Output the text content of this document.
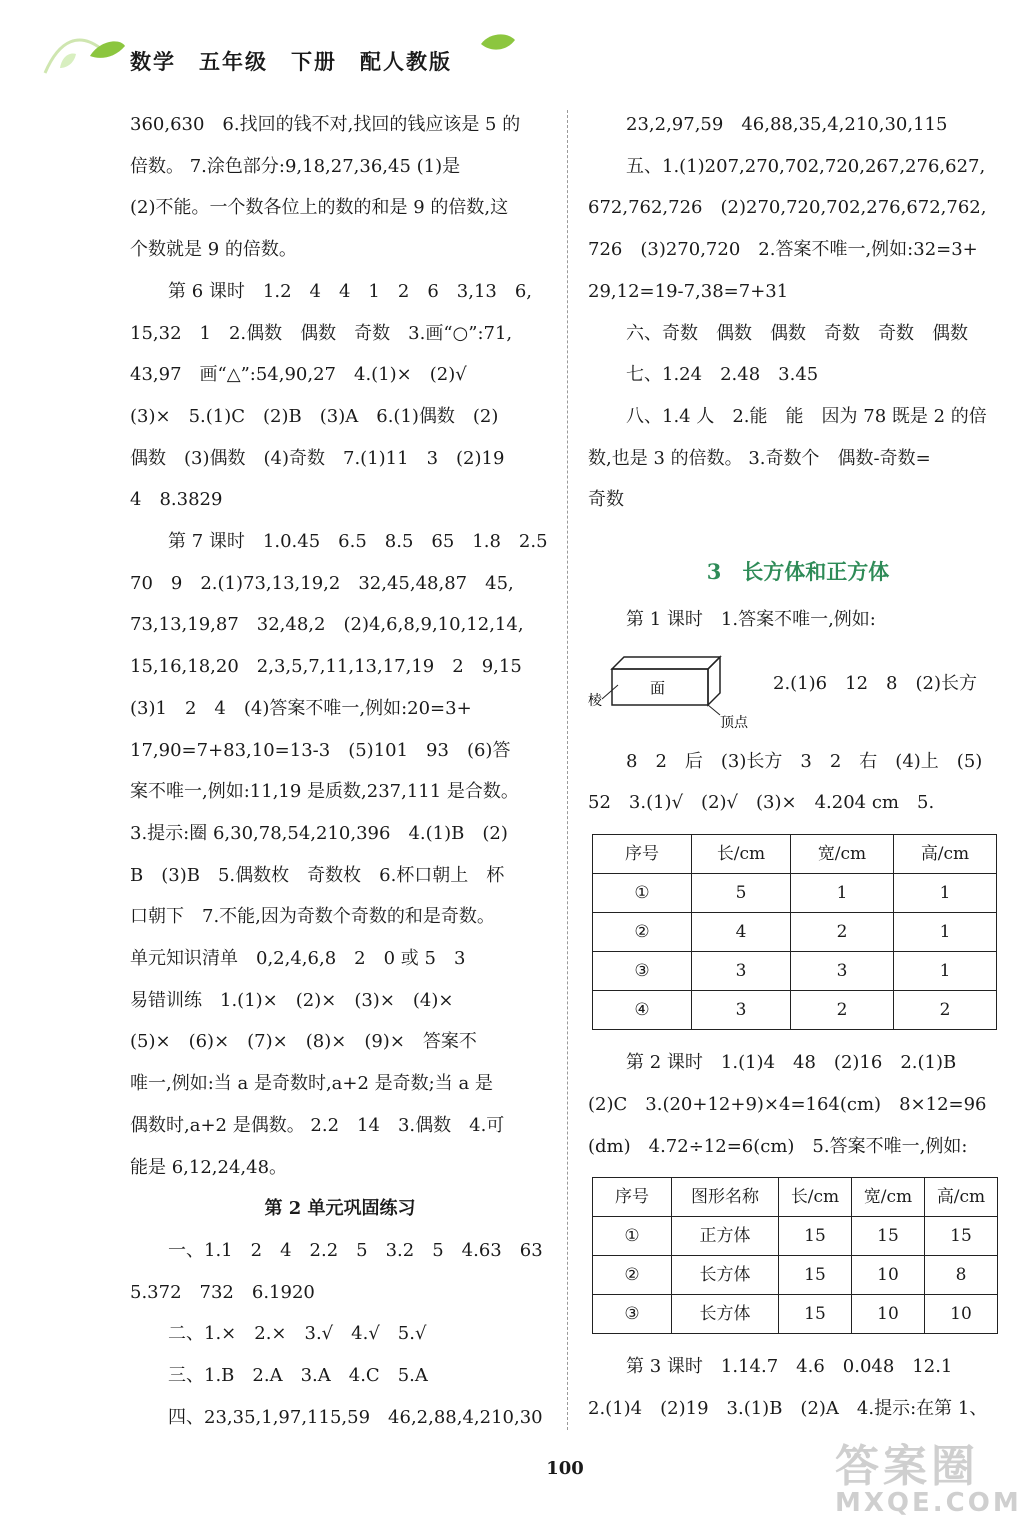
数学　五年级　下册　配人教版

360,630　6.找回的钱不对,找回的钱应该是 5 的

倍数。 7.涂色部分:9,18,27,36,45 (1)是

(2)不能。一个数各位上的数的和是 9 的倍数,这

个数就是 9 的倍数。

第 6 课时　1.2　4　4　1　2　6　3,13　6,

15,32　1　2.偶数　偶数　奇数　3.画“○”:71,

43,97　画“△”:54,90,27　4.(1)×　(2)√

(3)×　5.(1)C　(2)B　(3)A　6.(1)偶数　(2)

偶数　(3)偶数　(4)奇数　7.(1)11　3　(2)19

4　8.3829

第 7 课时　1.0.45　6.5　8.5　65　1.8　2.5

70　9　2.(1)73,13,19,2　32,45,48,87　45,

73,13,19,87　32,48,2　(2)4,6,8,9,10,12,14,

15,16,18,20　2,3,5,7,11,13,17,19　2　9,15

(3)1　2　4　(4)答案不唯一,例如:20=3+

17,90=7+83,10=13-3　(5)101　93　(6)答

案不唯一,例如:11,19 是质数,237,111 是合数。

3.提示:圈 6,30,78,54,210,396　4.(1)B　(2)

B　(3)B　5.偶数枚　奇数枚　6.杯口朝上　杯

口朝下　7.不能,因为奇数个奇数的和是奇数。

单元知识清单　0,2,4,6,8　2　0 或 5　3

易错训练　1.(1)×　(2)×　(3)×　(4)×

(5)×　(6)×　(7)×　(8)×　(9)×　答案不

唯一,例如:当 a 是奇数时,a+2 是奇数;当 a 是

偶数时,a+2 是偶数。 2.2　14　3.偶数　4.可

能是 6,12,24,48。

第 2 单元巩固练习

一、1.1　2　4　2.2　5　3.2　5　4.63　63

5.372　732　6.1920

二、1.×　2.×　3.√　4.√　5.√

三、1.B　2.A　3.A　4.C　5.A

四、23,35,1,97,115,59　46,2,88,4,210,30

23,2,97,59　46,88,35,4,210,30,115

五、1.(1)207,270,702,720,267,276,627,

672,762,726　(2)270,720,702,276,672,762,

726　(3)270,720　2.答案不唯一,例如:32=3+

29,12=19-7,38=7+31

六、奇数　偶数　偶数　奇数　奇数　偶数

七、1.24　2.48　3.45

八、1.4 人　2.能　能　因为 78 既是 2 的倍

数,也是 3 的倍数。 3.奇数个　偶数-奇数=

奇数

3　长方体和正方体

第 1 课时　1.答案不唯一,例如:

棱
面
顶点
2.(1)6　12　8　(2)长方

8　2　后　(3)长方　3　2　右　(4)上　(5)

52　3.(1)√　(2)√　(3)×　4.204 cm　5.

序号	长/cm	宽/cm	高/cm
①	5	1	1
②	4	2	1
③	3	3	1
④	3	2	2

第 2 课时　1.(1)4　48　(2)16　2.(1)B

(2)C　3.(20+12+9)×4=164(cm)　8×12=96

(dm)　4.72÷12=6(cm)　5.答案不唯一,例如:

序号	图形名称	长/cm	宽/cm	高/cm
①	正方体	15	15	15
②	长方体	15	10	8
③	长方体	15	10	10

第 3 课时　1.14.7　4.6　0.048　12.1

2.(1)4　(2)19　3.(1)B　(2)A　4.提示:在第 1、

100	答案圈
MXQE.COM
